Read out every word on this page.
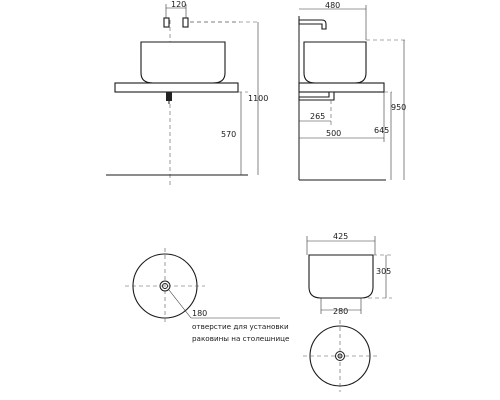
120
570
1100
480
265
500	645
950
180
отверстие для установки
раковины на столешнице
425
305
280
